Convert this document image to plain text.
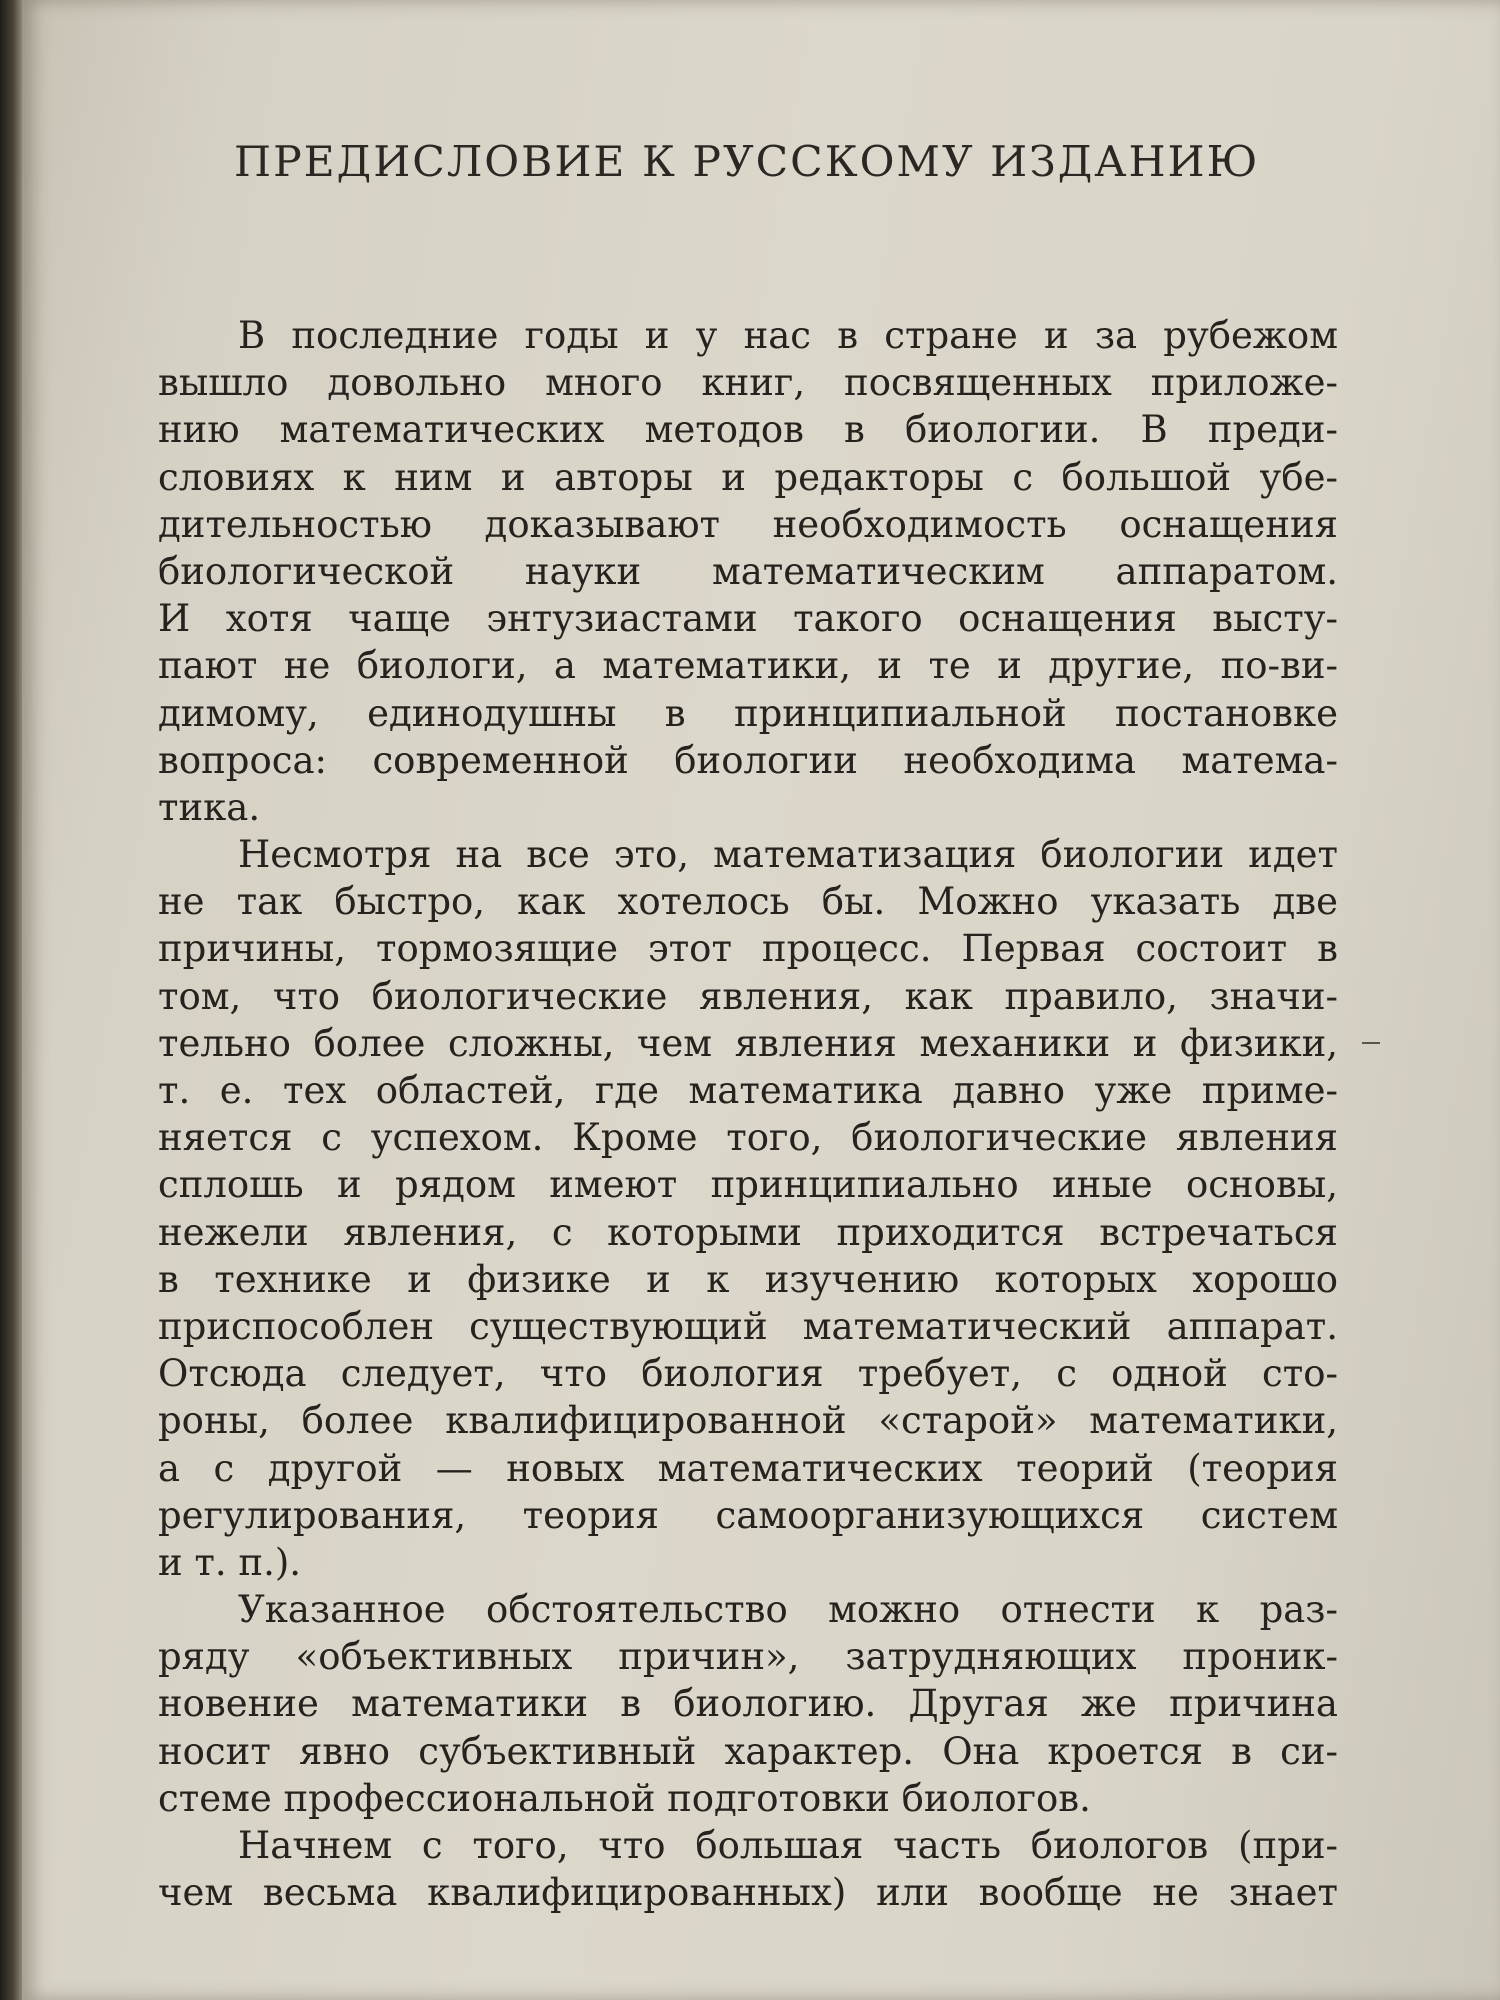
ПРЕДИСЛОВИЕ К РУССКОМУ ИЗДАНИЮ
В последние годы и у нас в стране и за рубежом
вышло довольно много книг, посвященных приложе-
нию математических методов в биологии. В преди-
словиях к ним и авторы и редакторы с большой убе-
дительностью доказывают необходимость оснащения
биологической науки математическим аппаратом.
И хотя чаще энтузиастами такого оснащения высту-
пают не биологи, а математики, и те и другие, по-ви-
димому, единодушны в принципиальной постановке
вопроса: современной биологии необходима матема-
тика.
Несмотря на все это, математизация биологии идет
не так быстро, как хотелось бы. Можно указать две
причины, тормозящие этот процесс. Первая состоит в
том, что биологические явления, как правило, значи-
тельно более сложны, чем явления механики и физики,
т. е. тех областей, где математика давно уже приме-
няется с успехом. Кроме того, биологические явления
сплошь и рядом имеют принципиально иные основы,
нежели явления, с которыми приходится встречаться
в технике и физике и к изучению которых хорошо
приспособлен существующий математический аппарат.
Отсюда следует, что биология требует, с одной сто-
роны, более квалифицированной «старой» математики,
а с другой — новых математических теорий (теория
регулирования, теория самоорганизующихся систем
и т. п.).
Указанное обстоятельство можно отнести к раз-
ряду «объективных причин», затрудняющих проник-
новение математики в биологию. Другая же причина
носит явно субъективный характер. Она кроется в си-
стеме профессиональной подготовки биологов.
Начнем с того, что большая часть биологов (при-
чем весьма квалифицированных) или вообще не знает
